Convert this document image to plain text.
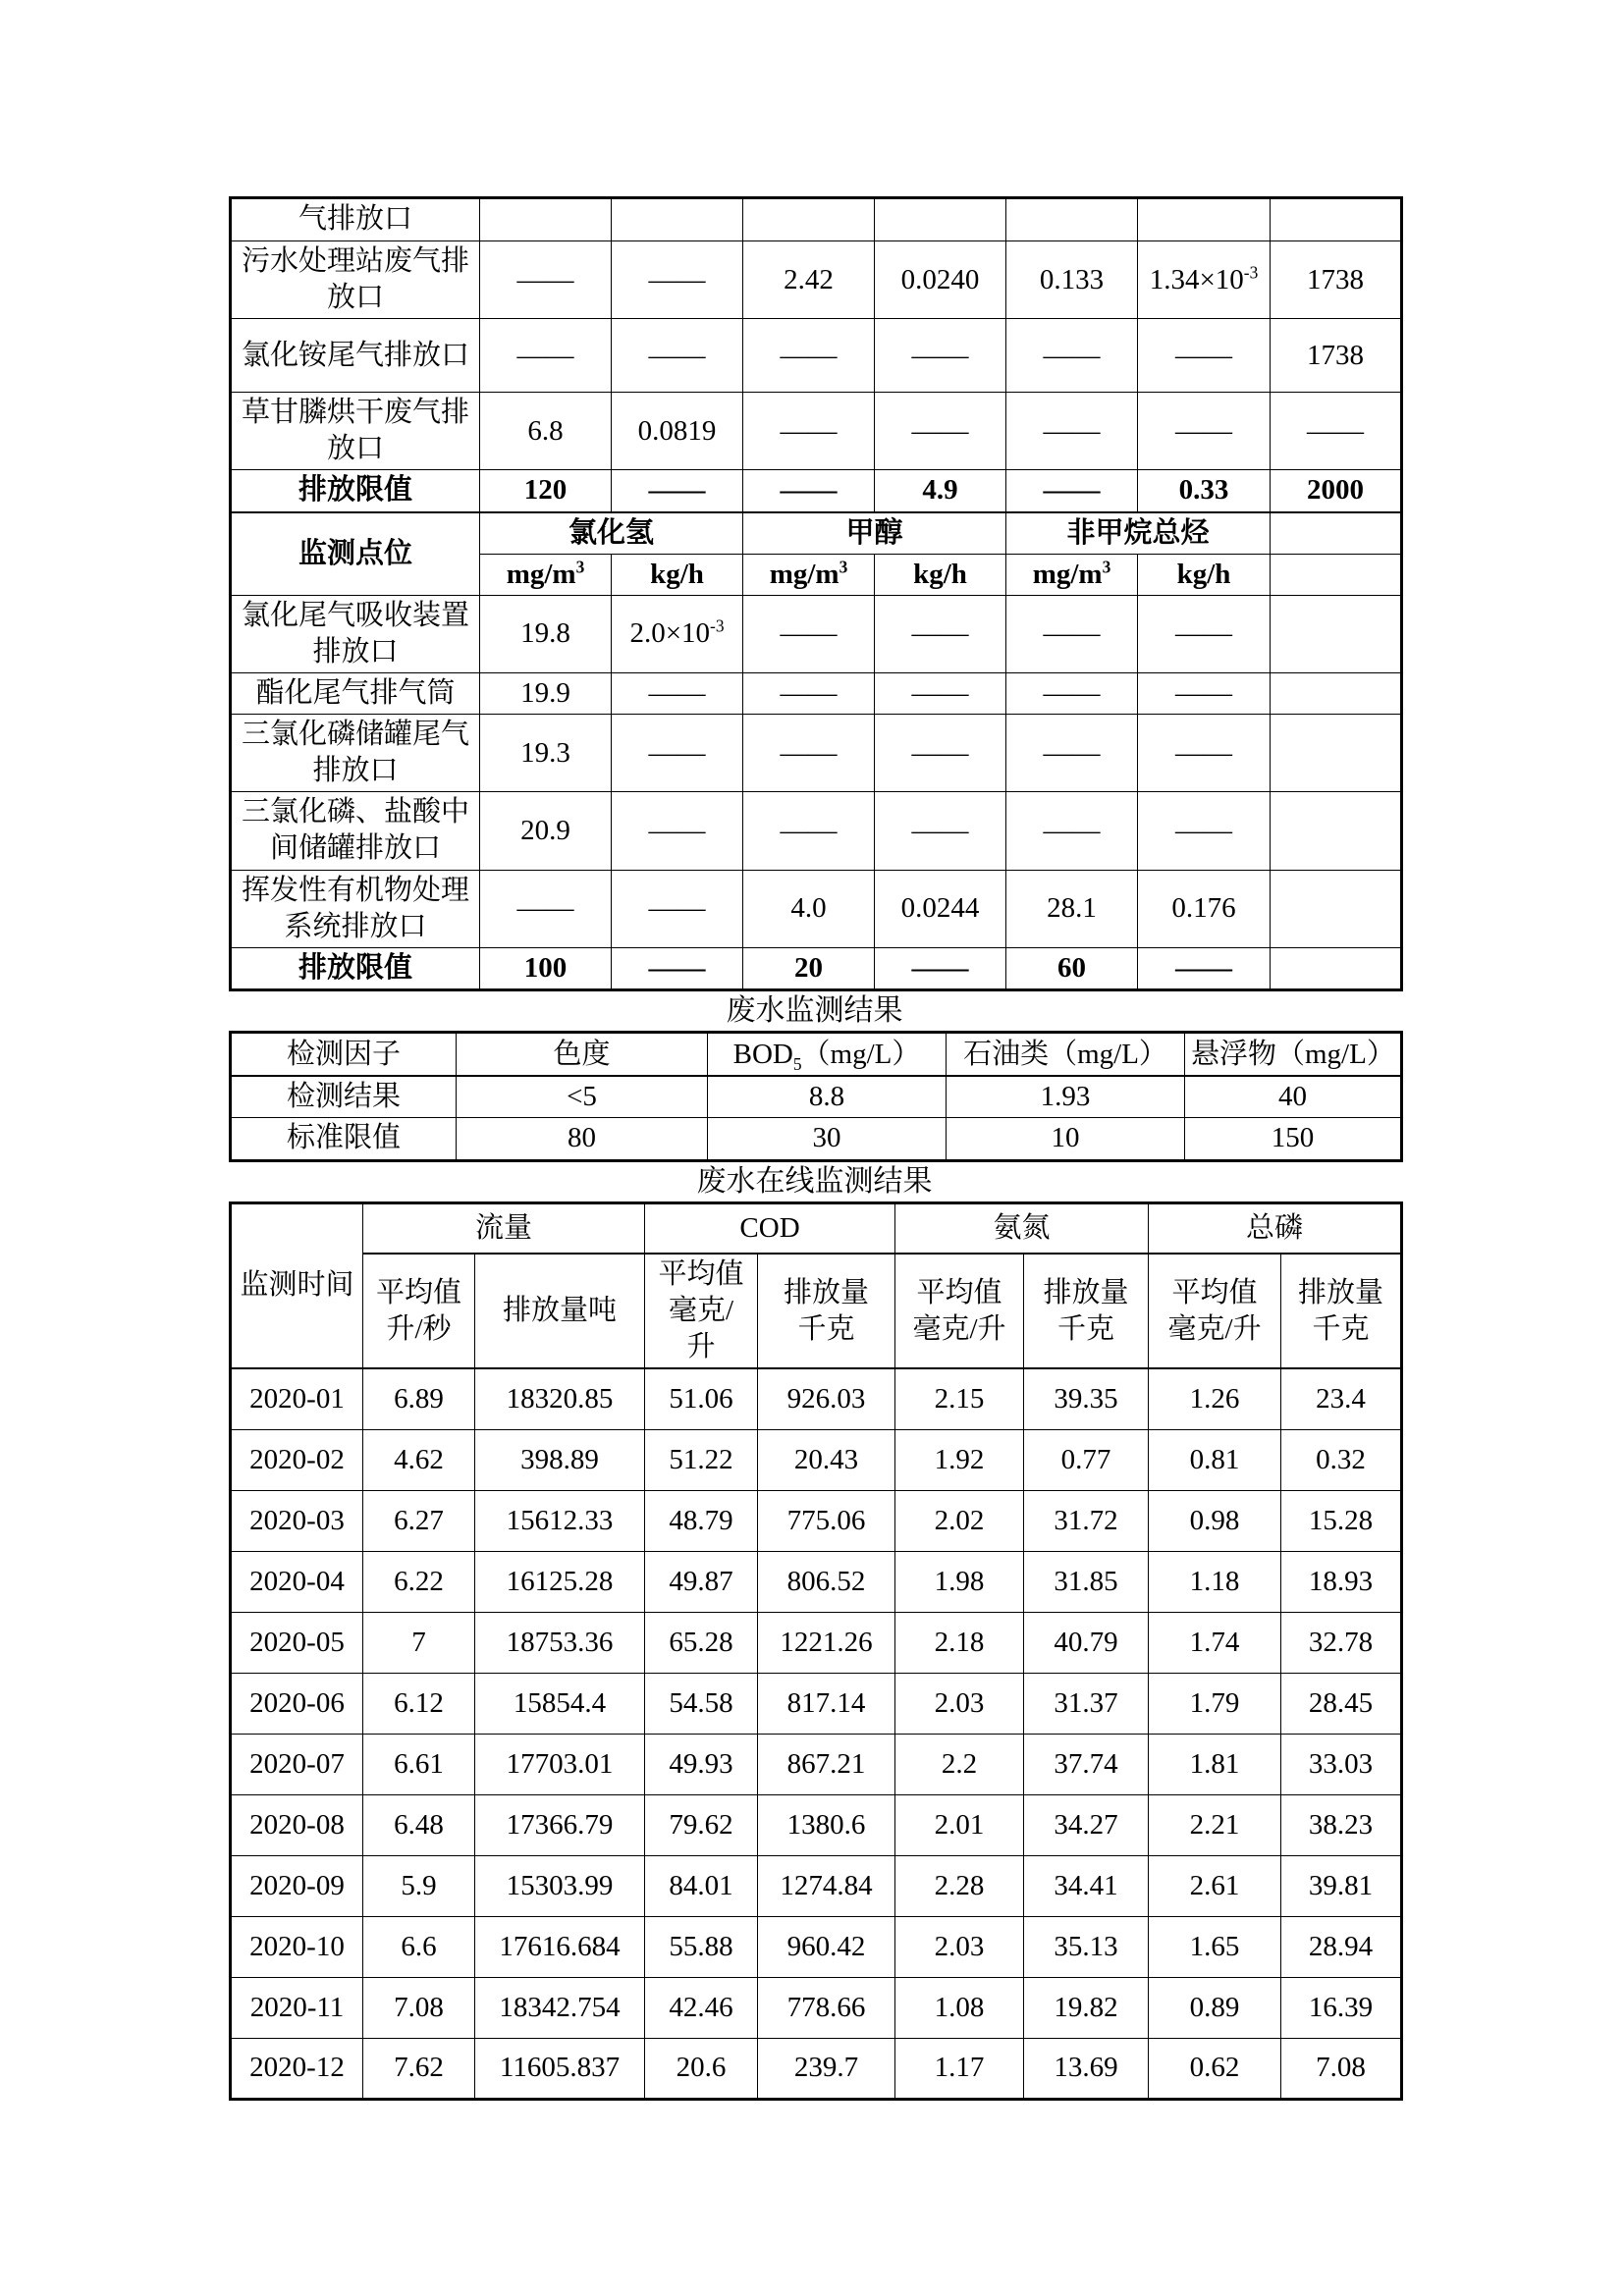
气排放口							
污水处理站废气排放口	——	——	2.42	0.0240	0.133	$1.34\times 10^{-3}$	1738
氯化铵尾气排放口	——	——	——	——	——	——	1738
草甘膦烘干废气排放口	6.8	0.0819	——	——	——	——	——
排放限值	120	——	——	4.9	——	0.33	2000
监测点位	氯化氢		甲醇		非甲烷总烃		
	$mg/m^3$	kg/h	$mg/m^3$	kg/h	$mg/m^3$	kg/h	
氯化尾气吸收装置排放口	19.8	$2.0\times 10^{-3}$	——	——	——	——	
酯化尾气排气筒	19.9	——	——	——	——	——	
三氯化磷储罐尾气排放口	19.3	——	——	——	——	——	
三氯化磷、盐酸中间储罐排放口	20.9	——	——	——	——	——	
挥发性有机物处理系统排放口	——	——	4.0	0.0244	28.1	0.176	
排放限值	100	——	20	——	60	——	
废水监测结果
检测因子	色度	$BOD_5(mg/L)$	石油类（mg/L）	悬浮物（mg/L）
检测结果	<5	8.8	1.93	40
标准限值	80	30	10	150
废水在线监测结果
监测时间	流量		COD		氨氮		总磷	
	平均值升/秒	排放量吨	平均值毫克/升	排放量千克	平均值毫克/升	排放量千克	平均值毫克/升	排放量千克
2020-01	6.89	18320.85	51.06	926.03	2.15	39.35	1.26	23.4
2020-02	4.62	398.89	51.22	20.43	1.92	0.77	0.81	0.32
2020-03	6.27	15612.33	48.79	775.06	2.02	31.72	0.98	15.28
2020-04	6.22	16125.28	49.87	806.52	1.98	31.85	1.18	18.93
2020-05	7	18753.36	65.28	1221.26	2.18	40.79	1.74	32.78
2020-06	6.12	15854.4	54.58	817.14	2.03	31.37	1.79	28.45
2020-07	6.61	17703.01	49.93	867.21	2.2	37.74	1.81	33.03
2020-08	6.48	17366.79	79.62	1380.6	2.01	34.27	2.21	38.23
2020-09	5.9	15303.99	84.01	1274.84	2.28	34.41	2.61	39.81
2020-10	6.6	17616.684	55.88	960.42	2.03	35.13	1.65	28.94
2020-11	7.08	18342.754	42.46	778.66	1.08	19.82	0.89	16.39
2020-12	7.62	11605.837	20.6	239.7	1.17	13.69	0.62	7.08
